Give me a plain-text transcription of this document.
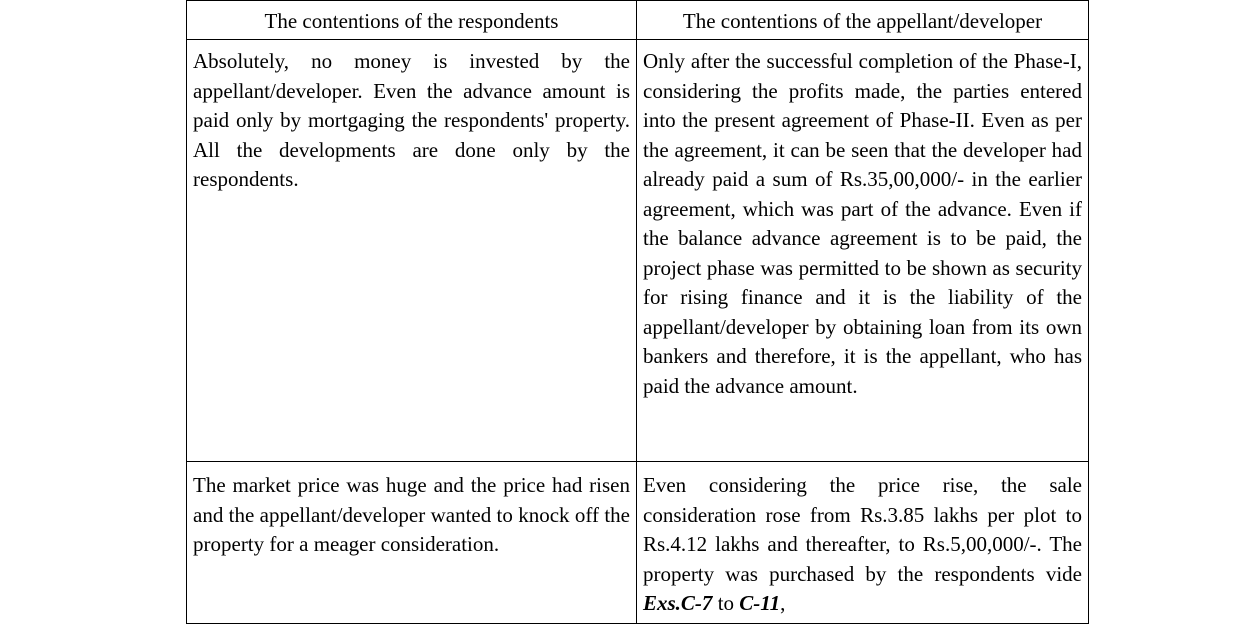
The contentions of the respondents	The contentions of the appellant/developer
Absolutely, no money is invested by the appellant/developer. Even the advance amount is paid only by mortgaging the respondents' property. All the developments are done only by the respondents.	Only after the successful completion of the Phase-I, considering the profits made, the parties entered into the present agreement of Phase-II. Even as per the agreement, it can be seen that the developer had already paid a sum of Rs.35,00,000/- in the earlier agreement, which was part of the advance. Even if the balance advance agreement is to be paid, the project phase was permitted to be shown as security for rising finance and it is the liability of the appellant/developer by obtaining loan from its own bankers and therefore, it is the appellant, who has paid the advance amount.
The market price was huge and the price had risen and the appellant/developer wanted to knock off the property for a meager consideration.	Even considering the price rise, the sale consideration rose from Rs.3.85 lakhs per plot to Rs.4.12 lakhs and thereafter, to Rs.5,00,000/-. The property was purchased by the respondents vide Exs.C-7 to C-11,
